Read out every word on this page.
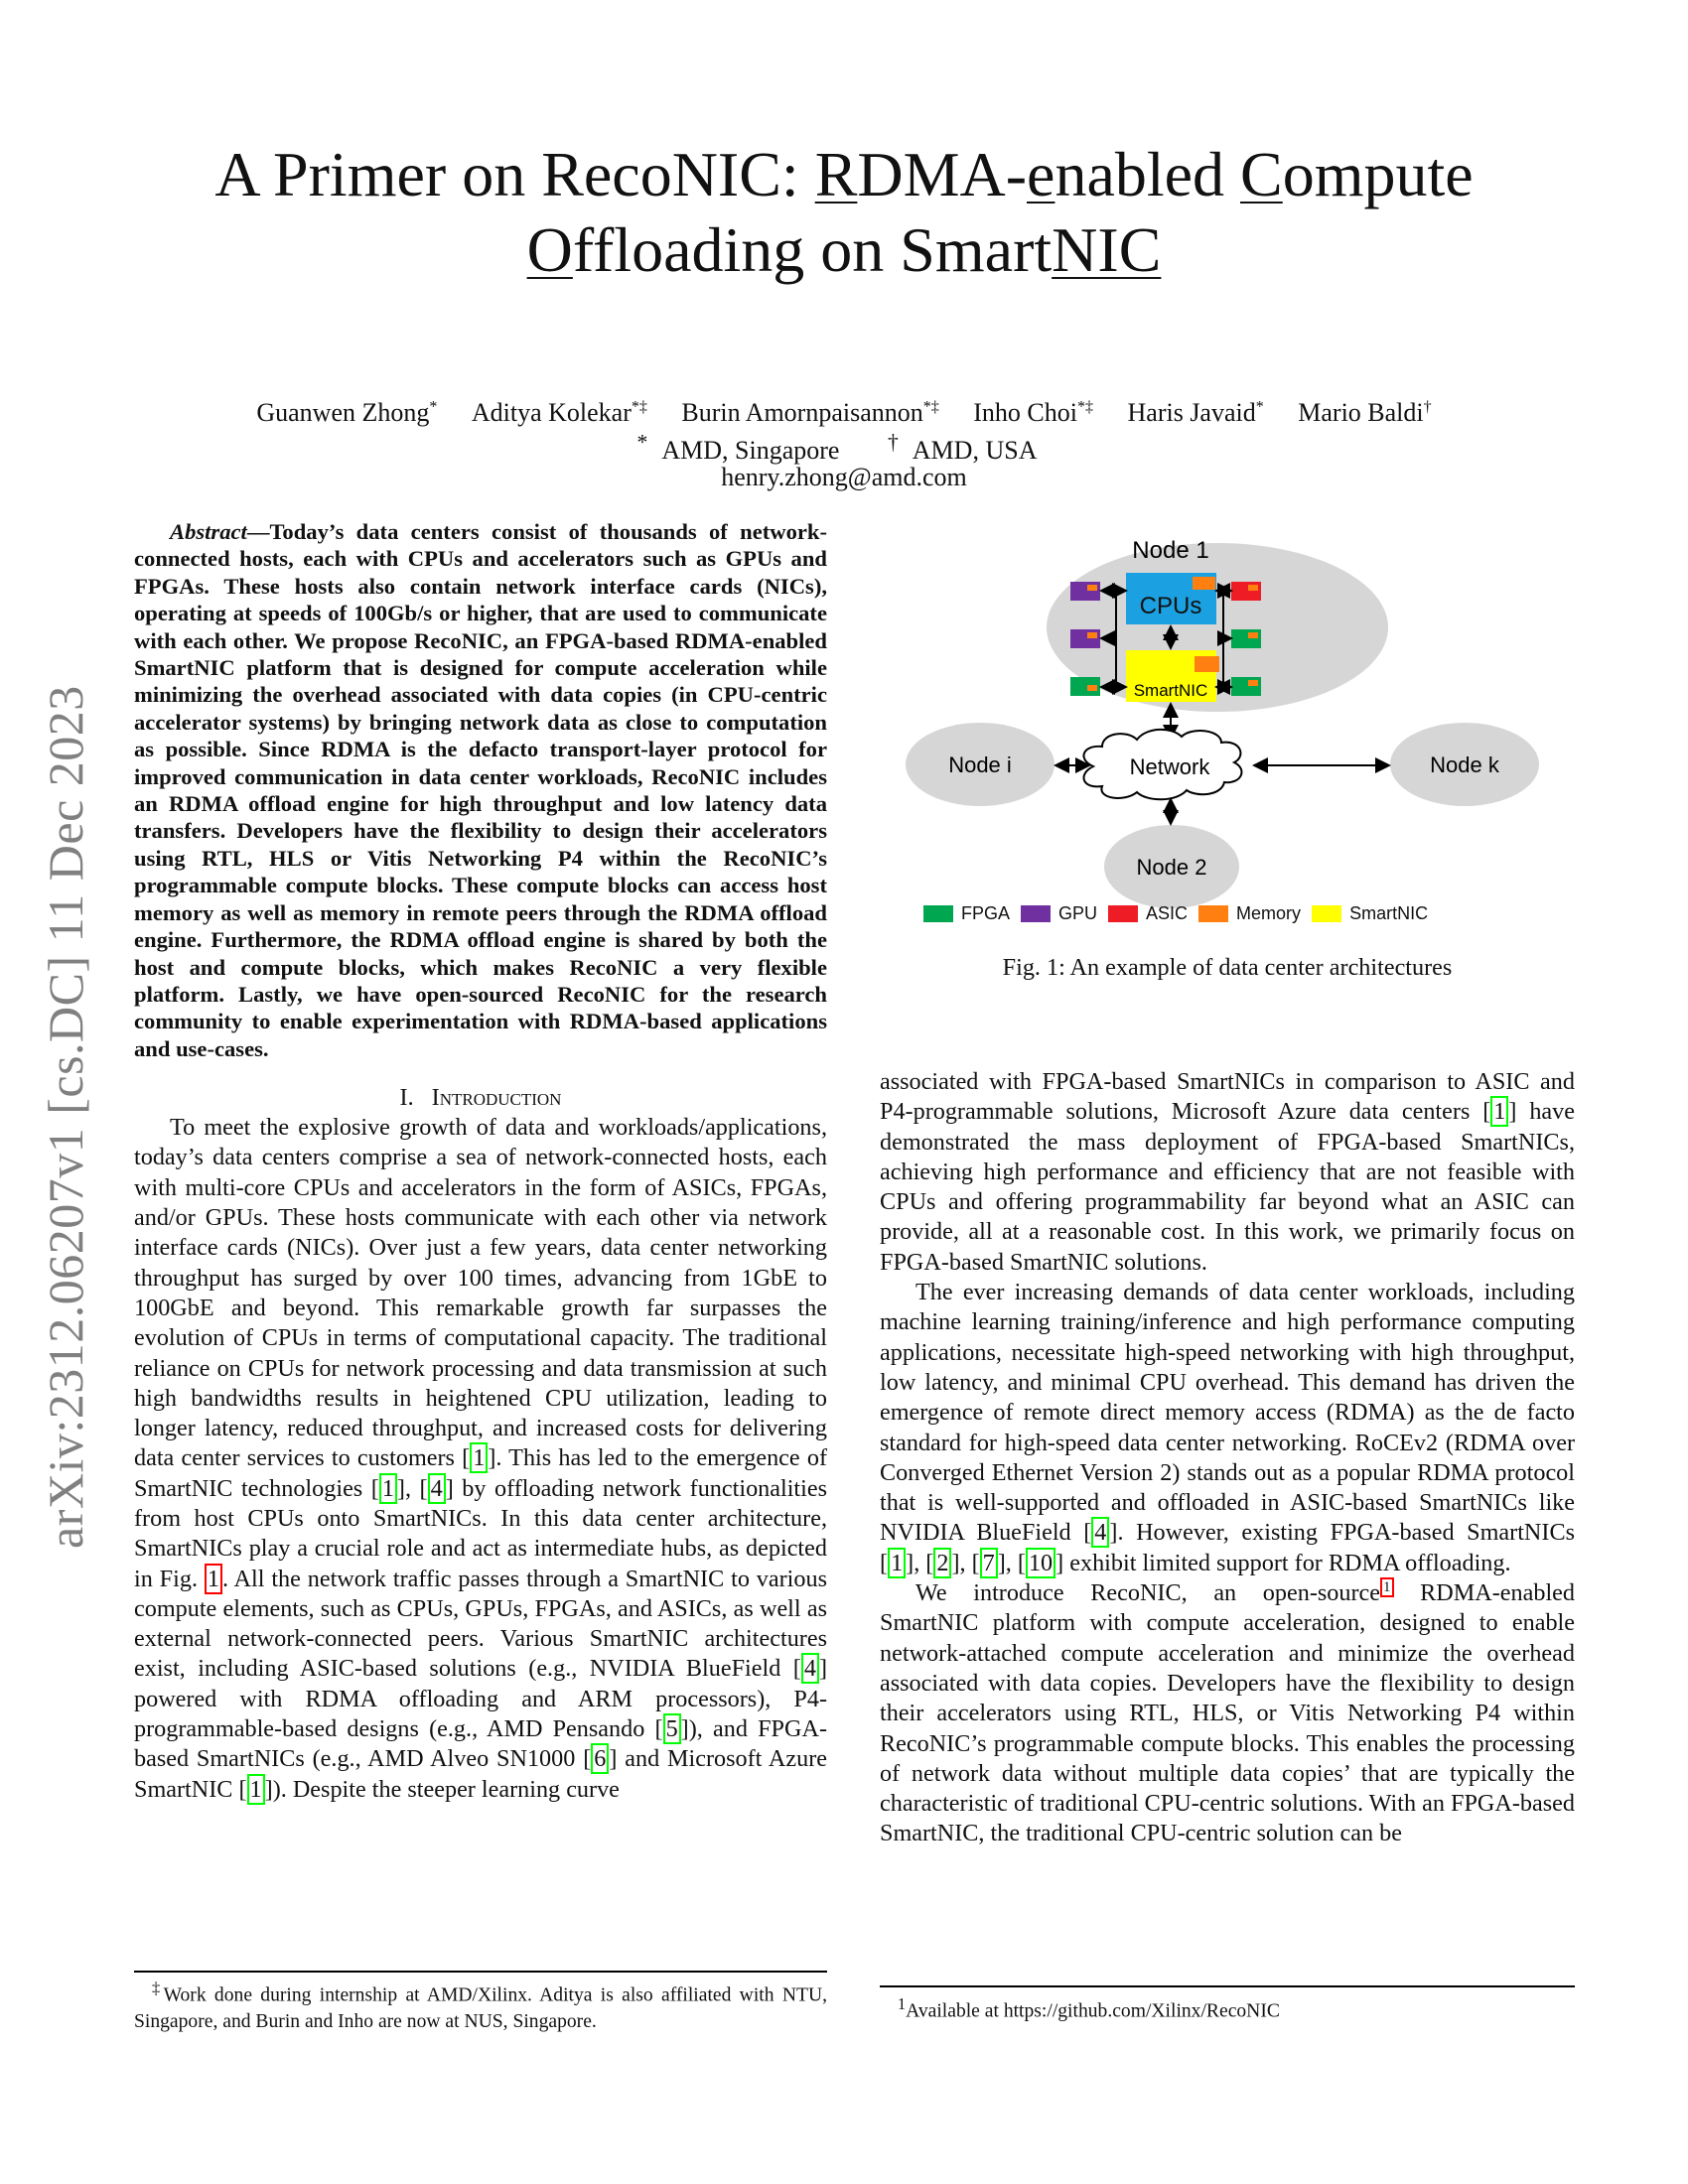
arXiv:2312.06207v1 [cs.DC] 11 Dec 2023
A Primer on RecoNIC: RDMA-enabled Compute
Offloading on SmartNIC
Guanwen Zhong* Aditya Kolekar*‡ Burin Amornpaisannon*‡ Inho Choi*‡ Haris Javaid* Mario Baldi†
* AMD, Singapore † AMD, USA
henry.zhong@amd.com

Abstract—Today’s data centers consist of thousands of network-connected hosts, each with CPUs and accelerators such as GPUs and FPGAs. These hosts also contain network interface cards (NICs), operating at speeds of 100Gb/s or higher, that are used to communicate with each other. We propose RecoNIC, an FPGA-based RDMA-enabled SmartNIC platform that is designed for compute acceleration while minimizing the overhead associated with data copies (in CPU-centric accelerator systems) by bringing network data as close to computation as possible. Since RDMA is the defacto transport-layer protocol for improved communication in data center workloads, RecoNIC includes an RDMA offload engine for high throughput and low latency data transfers. Developers have the flexibility to design their accelerators using RTL, HLS or Vitis Networking P4 within the RecoNIC’s programmable compute blocks. These compute blocks can access host memory as well as memory in remote peers through the RDMA offload engine. Furthermore, the RDMA offload engine is shared by both the host and compute blocks, which makes RecoNIC a very flexible platform. Lastly, we have open-sourced RecoNIC for the research community to enable experimentation with RDMA-based applications and use-cases.

I. Introduction

To meet the explosive growth of data and workloads/applications, today’s data centers comprise a sea of network-connected hosts, each with multi-core CPUs and accelerators in the form of ASICs, FPGAs, and/or GPUs. These hosts communicate with each other via network interface cards (NICs). Over just a few years, data center networking throughput has surged by over 100 times, advancing from 1GbE to 100GbE and beyond. This remarkable growth far surpasses the evolution of CPUs in terms of computational capacity. The traditional reliance on CPUs for network processing and data transmission at such high bandwidths results in heightened CPU utilization, leading to longer latency, reduced throughput, and increased costs for delivering data center services to customers [ 1 ]. This has led to the emergence of SmartNIC technologies [ 1 ], [ 4 ] by offloading network functionalities from host CPUs onto SmartNICs. In this data center architecture, SmartNICs play a crucial role and act as intermediate hubs, as depicted in Fig. 1 . All the network traffic passes through a SmartNIC to various compute elements, such as CPUs, GPUs, FPGAs, and ASICs, as well as external network-connected peers. Various SmartNIC architectures exist, including ASIC-based solutions (e.g., NVIDIA BlueField [ 4 ] powered with RDMA offloading and ARM processors), P4-programmable-based designs (e.g., AMD Pensando [ 5 ]), and FPGA-based SmartNICs (e.g., AMD Alveo SN1000 [ 6 ] and Microsoft Azure SmartNIC [ 1 ]). Despite the steeper learning curve

Node 1
CPUs
SmartNIC
Network
Node i	Node k
Node 2
FPGA	GPU	ASIC	Memory	SmartNIC
Fig. 1: An example of data center architectures

associated with FPGA-based SmartNICs in comparison to ASIC and P4-programmable solutions, Microsoft Azure data centers [ 1 ] have demonstrated the mass deployment of FPGA-based SmartNICs, achieving high performance and efficiency that are not feasible with CPUs and offering programmability far beyond what an ASIC can provide, all at a reasonable cost. In this work, we primarily focus on FPGA-based SmartNIC solutions.

The ever increasing demands of data center workloads, including machine learning training/inference and high performance computing applications, necessitate high-speed networking with high throughput, low latency, and minimal CPU overhead. This demand has driven the emergence of remote direct memory access (RDMA) as the de facto standard for high-speed data center networking. RoCEv2 (RDMA over Converged Ethernet Version 2) stands out as a popular RDMA protocol that is well-supported and offloaded in ASIC-based SmartNICs like NVIDIA BlueField [ 4 ]. However, existing FPGA-based SmartNICs [ 1 ], [ 2 ], [ 7 ], [ 10 ] exhibit limited support for RDMA offloading.

We introduce RecoNIC, an open-source $^1$ RDMA-enabled SmartNIC platform with compute acceleration, designed to enable network-attached compute acceleration and minimize the overhead associated with data copies. Developers have the flexibility to design their accelerators using RTL, HLS, or Vitis Networking P4 within RecoNIC’s programmable compute blocks. This enables the processing of network data without multiple data copies’ that are typically the characteristic of traditional CPU-centric solutions. With an FPGA-based SmartNIC, the traditional CPU-centric solution can be

‡Work done during internship at AMD/Xilinx. Aditya is also affiliated with NTU, Singapore, and Burin and Inho are now at NUS, Singapore.
$^1$Available at https://github.com/Xilinx/RecoNIC
